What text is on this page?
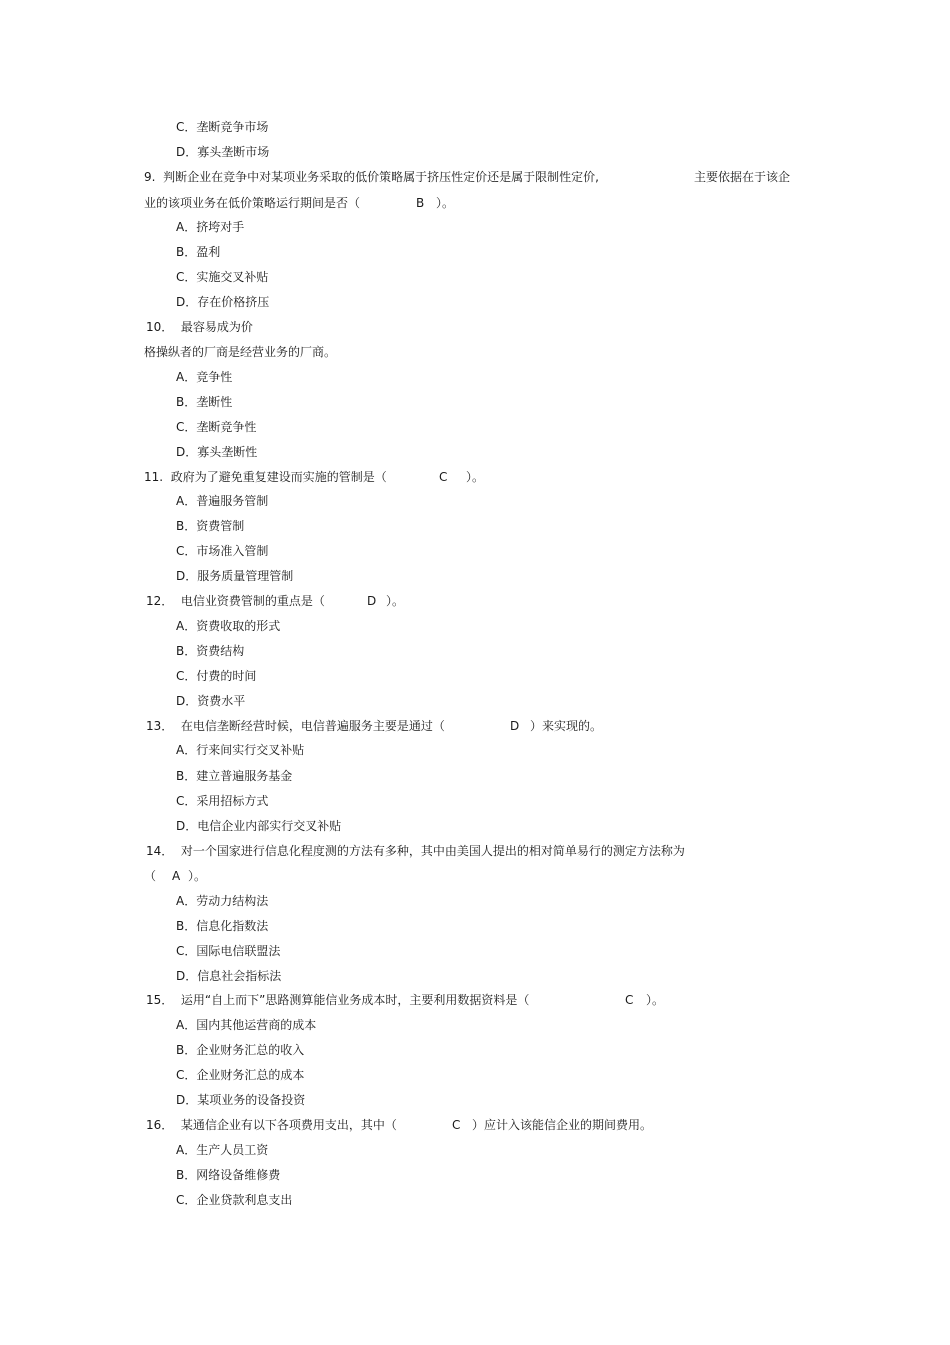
C．垄断竞争市场
D．寡头垄断市场
9.  判断企业在竞争中对某项业务采取的低价策略属于挤压性定价还是属于限制性定价,	主要依据在于该企
业的该项业务在低价策略运行期间是否（	B ）。
A．挤垮对手
B．盈利
C．实施交叉补贴
D．存在价格挤压
10．  最容易成为价
格操纵者的厂商是经营业务的厂商。
A．竞争性
B．垄断性
C．垄断竞争性
D．寡头垄断性
11.  政府为了避免重复建设而实施的管制是（	C ）。
A．普遍服务管制
B．资费管制
C．市场准入管制
D．服务质量管理管制
12．  电信业资费管制的重点是（	D ）。
A．资费收取的形式
B．资费结构
C．付费的时间
D．资费水平
13．  在电信垄断经营时候，电信普遍服务主要是通过（	D ）来实现的。
A．行来间实行交叉补贴
B．建立普遍服务基金
C．采用招标方式
D．电信企业内部实行交叉补贴
14．  对一个国家进行信息化程度测的方法有多种，其中由美国人提出的相对简单易行的测定方法称为
（ A ）。
A．劳动力结构法
B．信息化指数法
C．国际电信联盟法
D．信息社会指标法
15．  运用“自上而下”思路测算能信业务成本时，主要利用数据资料是（	C ）。
A．国内其他运营商的成本
B．企业财务汇总的收入
C．企业财务汇总的成本
D．某项业务的设备投资
16．  某通信企业有以下各项费用支出，其中（	C ）应计入该能信企业的期间费用。
A．生产人员工资
B．网络设备维修费
C．企业贷款利息支出
